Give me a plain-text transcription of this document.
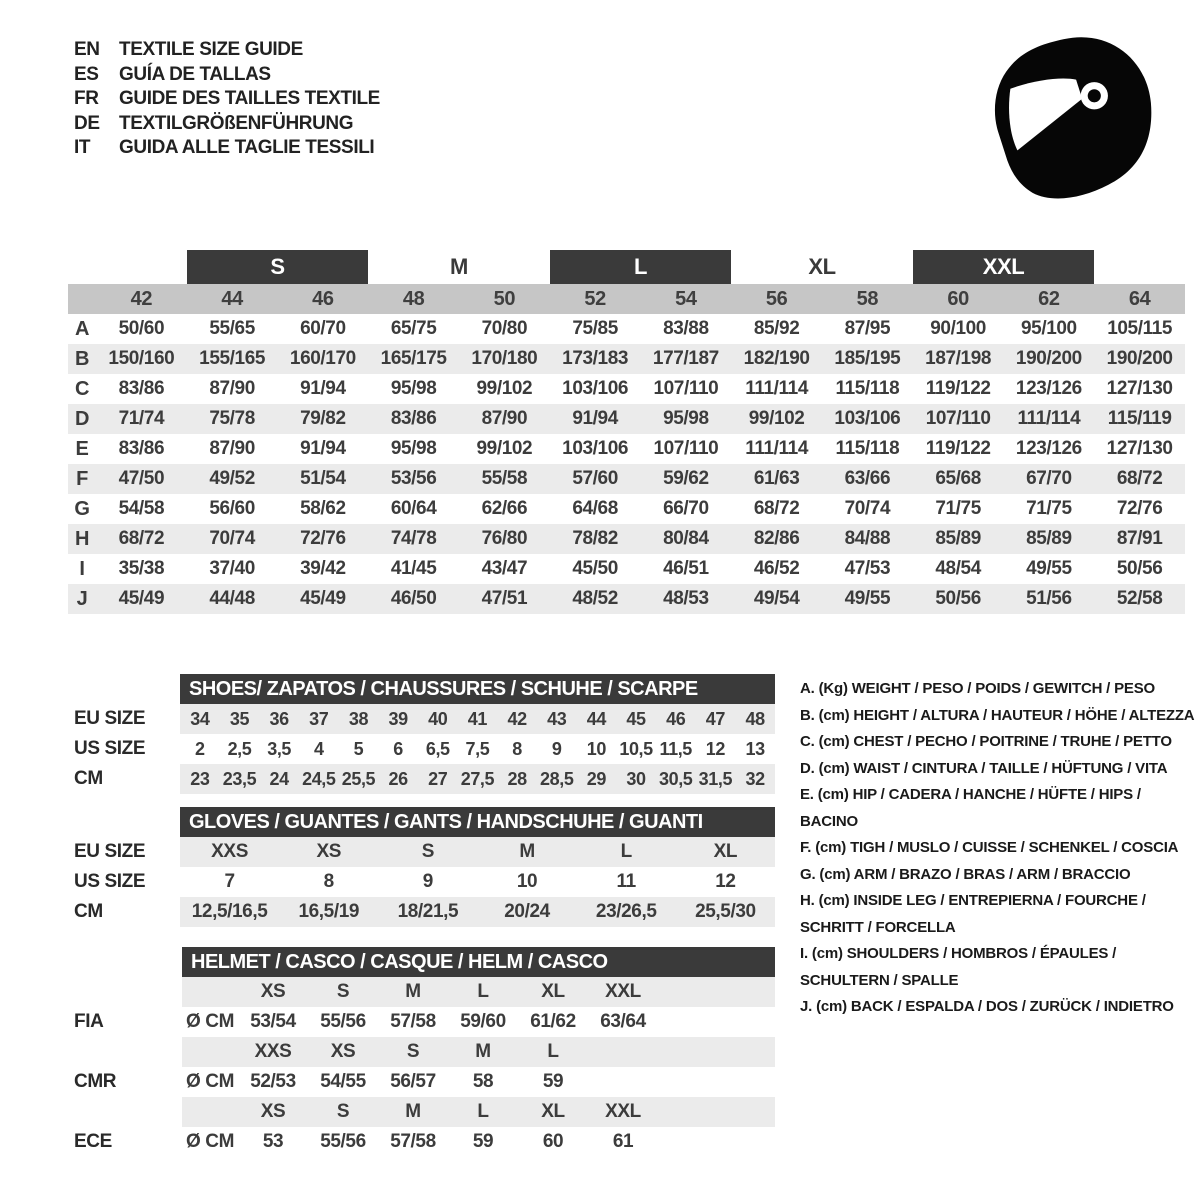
EN	TEXTILE SIZE GUIDE
ES	GUÍA DE TALLAS
FR	GUIDE DES TAILLES TEXTILE
DE	TEXTILGRÖßENFÜHRUNG
IT	GUIDA ALLE TAGLIE TESSILI
		S		M		L		XL		XXL		
	42	44	46	48	50	52	54	56	58	60	62	64
A	50/60	55/65	60/70	65/75	70/80	75/85	83/88	85/92	87/95	90/100	95/100	105/115
B	150/160	155/165	160/170	165/175	170/180	173/183	177/187	182/190	185/195	187/198	190/200	190/200
C	83/86	87/90	91/94	95/98	99/102	103/106	107/110	111/114	115/118	119/122	123/126	127/130
D	71/74	75/78	79/82	83/86	87/90	91/94	95/98	99/102	103/106	107/110	111/114	115/119
E	83/86	87/90	91/94	95/98	99/102	103/106	107/110	111/114	115/118	119/122	123/126	127/130
F	47/50	49/52	51/54	53/56	55/58	57/60	59/62	61/63	63/66	65/68	67/70	68/72
G	54/58	56/60	58/62	60/64	62/66	64/68	66/70	68/72	70/74	71/75	71/75	72/76
H	68/72	70/74	72/76	74/78	76/80	78/82	80/84	82/86	84/88	85/89	85/89	87/91
I	35/38	37/40	39/42	41/45	43/47	45/50	46/51	46/52	47/53	48/54	49/55	50/56
J	45/49	44/48	45/49	46/50	47/51	48/52	48/53	49/54	49/55	50/56	51/56	52/58
	SHOES/ ZAPATOS / CHAUSSURES / SCHUHE / SCARPE														
EU SIZE	34	35	36	37	38	39	40	41	42	43	44	45	46	47	48
US SIZE	2	2,5	3,5	4	5	6	6,5	7,5	8	9	10	10,5	11,5	12	13
CM	23	23,5	24	24,5	25,5	26	27	27,5	28	28,5	29	30	30,5	31,5	32
	GLOVES / GUANTES / GANTS / HANDSCHUHE / GUANTI					
EU SIZE	XXS	XS	S	M	L	XL
US SIZE	7	8	9	10	11	12
CM	12,5/16,5	16,5/19	18/21,5	20/24	23/26,5	25,5/30
	HELMET / CASCO / CASQUE / HELM / CASCO							
		XS	S	M	L	XL	XXL	
FIA	Ø CM	53/54	55/56	57/58	59/60	61/62	63/64	
		XXS	XS	S	M	L		
CMR	Ø CM	52/53	54/55	56/57	58	59		
		XS	S	M	L	XL	XXL	
ECE	Ø CM	53	55/56	57/58	59	60	61	
A. (Kg) WEIGHT / PESO / POIDS / GEWITCH / PESO
B. (cm) HEIGHT / ALTURA / HAUTEUR / HÖHE / ALTEZZA
C. (cm) CHEST / PECHO / POITRINE / TRUHE / PETTO
D. (cm) WAIST / CINTURA / TAILLE / HÜFTUNG / VITA
E. (cm) HIP / CADERA / HANCHE / HÜFTE / HIPS / BACINO
F. (cm) TIGH / MUSLO / CUISSE / SCHENKEL / COSCIA
G. (cm) ARM / BRAZO / BRAS / ARM / BRACCIO
H. (cm) INSIDE LEG / ENTREPIERNA / FOURCHE / SCHRITT / FORCELLA
I. (cm) SHOULDERS / HOMBROS / ÉPAULES / SCHULTERN / SPALLE
J. (cm) BACK / ESPALDA / DOS / ZURÜCK / INDIETRO
